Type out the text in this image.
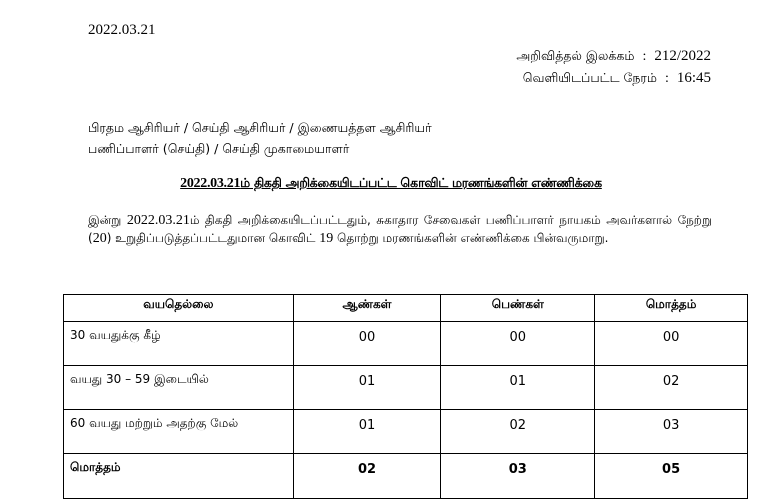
2022.03.21
அறிவித்தல் இலக்கம் : 212/2022
வெளியிடப்பட்ட நேரம் : 16:45
பிரதம ஆசிரியர் / செய்தி ஆசிரியர் / இணையத்தள ஆசிரியர்
பணிப்பாளர் (செய்தி) / செய்தி முகாமையாளர்
2022.03.21ம் திகதி அறிக்கையிடப்பட்ட கொவிட் மரணங்களின் எண்ணிக்கை
இன்று 2022.03.21ம் திகதி அறிக்கையிடப்பட்டதும், சுகாதார சேவைகள் பணிப்பாளர் நாயகம் அவர்களால் நேற்று (20) உறுதிப்படுத்தப்பட்டதுமான கொவிட் 19 தொற்று மரணங்களின் எண்ணிக்கை பின்வருமாறு.
வயதெல்லை	ஆண்கள்	பெண்கள்	மொத்தம்
30 வயதுக்கு கீழ்	00	00	00
வயது 30 – 59 இடையில்	01	01	02
60 வயது மற்றும் அதற்கு மேல்	01	02	03
மொத்தம்	02	03	05
